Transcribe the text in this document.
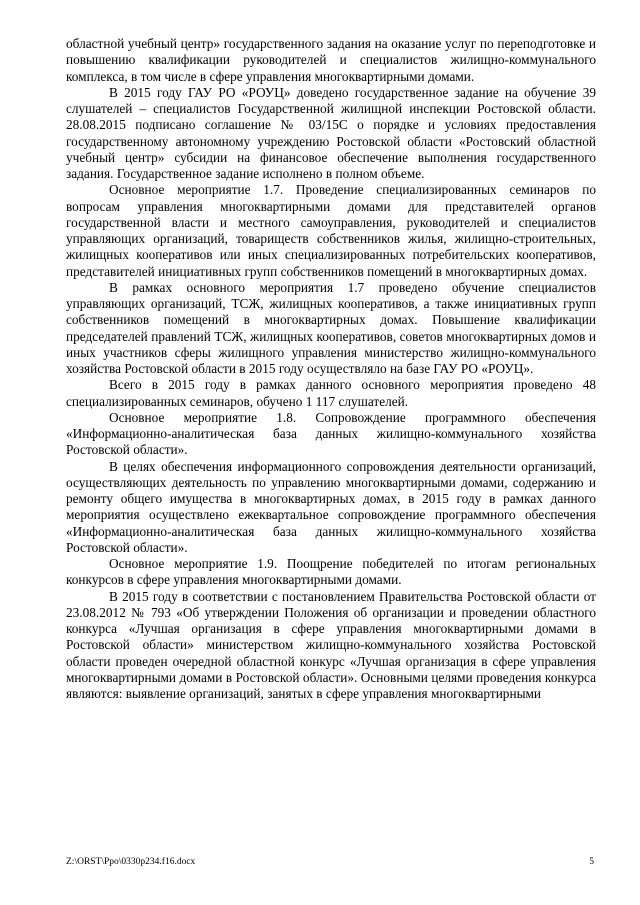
областной учебный центр» государственного задания на оказание услуг по переподготовке и повышению квалификации руководителей и специалистов жилищно-коммунального комплекса, в том числе в сфере управления многоквартирными домами.

В 2015 году ГАУ РО «РОУЦ» доведено государственное задание на обучение 39 слушателей – специалистов Государственной жилищной инспекции Ростовской области. 28.08.2015 подписано соглашение № 03/15С о порядке и условиях предоставления государственному автономному учреждению Ростовской области «Ростовский областной учебный центр» субсидии на финансовое обеспечение выполнения государственного задания. Государственное задание исполнено в полном объеме.

Основное мероприятие 1.7. Проведение специализированных семинаров по вопросам управления многоквартирными домами для представителей органов государственной власти и местного самоуправления, руководителей и специалистов управляющих организаций, товариществ собственников жилья, жилищно-строительных, жилищных кооперативов или иных специализированных потребительских кооперативов, представителей инициативных групп собственников помещений в многоквартирных домах.

В рамках основного мероприятия 1.7 проведено обучение специалистов управляющих организаций, ТСЖ, жилищных кооперативов, а также инициативных групп собственников помещений в многоквартирных домах. Повышение квалификации председателей правлений ТСЖ, жилищных кооперативов, советов многоквартирных домов и иных участников сферы жилищного управления министерство жилищно-коммунального хозяйства Ростовской области в 2015 году осуществляло на базе ГАУ РО «РОУЦ».

Всего в 2015 году в рамках данного основного мероприятия проведено 48 специализированных семинаров, обучено 1 117 слушателей.

Основное мероприятие 1.8. Сопровождение программного обеспечения «Информационно-аналитическая база данных жилищно-коммунального хозяйства Ростовской области».

В целях обеспечения информационного сопровождения деятельности организаций, осуществляющих деятельность по управлению многоквартирными домами, содержанию и ремонту общего имущества в многоквартирных домах, в 2015 году в рамках данного мероприятия осуществлено ежеквартальное сопровождение программного обеспечения «Информационно-аналитическая база данных жилищно-коммунального хозяйства Ростовской области».

Основное мероприятие 1.9. Поощрение победителей по итогам региональных конкурсов в сфере управления многоквартирными домами.

В 2015 году в соответствии с постановлением Правительства Ростовской области от 23.08.2012 № 793 «Об утверждении Положения об организации и проведении областного конкурса «Лучшая организация в сфере управления многоквартирными домами в Ростовской области» министерством жилищно-коммунального хозяйства Ростовской области проведен очередной областной конкурс «Лучшая организация в сфере управления многоквартирными домами в Ростовской области». Основными целями проведения конкурса являются: выявление организаций, занятых в сфере управления многоквартирными

Z:\ORST\Ppo\0330p234.f16.docx	5
